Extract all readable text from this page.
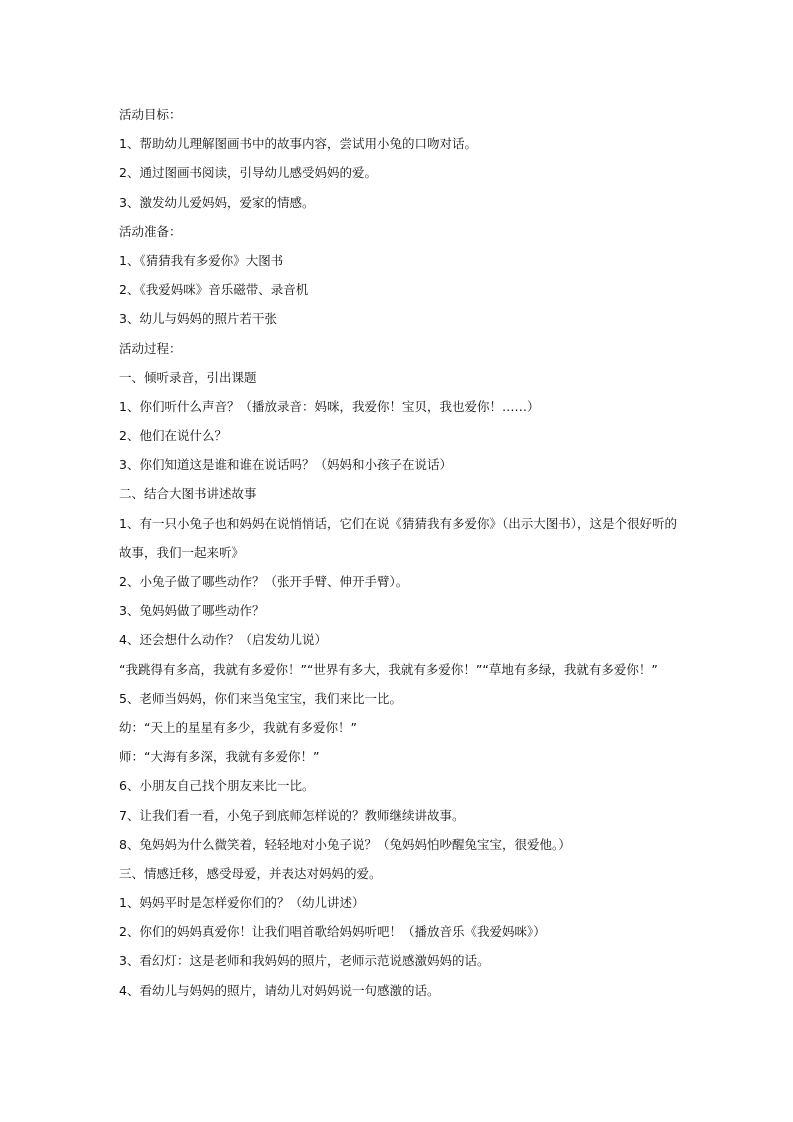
活动目标：
1、帮助幼儿理解图画书中的故事内容，尝试用小兔的口吻对话。
2、通过图画书阅读，引导幼儿感受妈妈的爱。
3、激发幼儿爱妈妈，爱家的情感。
活动准备：
1、《猜猜我有多爱你》大图书
2、《我爱妈咪》音乐磁带、录音机
3、幼儿与妈妈的照片若干张
活动过程：
一、倾听录音，引出课题
1、你们听什么声音？（播放录音：妈咪，我爱你！宝贝，我也爱你！……）
2、他们在说什么？
3、你们知道这是谁和谁在说话吗？（妈妈和小孩子在说话）
二、结合大图书讲述故事
1、有一只小兔子也和妈妈在说悄悄话，它们在说《猜猜我有多爱你》（出示大图书），这是个很好听的故事，我们一起来听》
2、小兔子做了哪些动作？（张开手臂、伸开手臂）。
3、兔妈妈做了哪些动作？
4、还会想什么动作？（启发幼儿说）
“我跳得有多高，我就有多爱你！”“世界有多大，我就有多爱你！”“草地有多绿，我就有多爱你！”
5、老师当妈妈，你们来当兔宝宝，我们来比一比。
幼：“天上的星星有多少，我就有多爱你！”
师：“大海有多深，我就有多爱你！”
6、小朋友自己找个朋友来比一比。
7、让我们看一看，小兔子到底师怎样说的？教师继续讲故事。
8、兔妈妈为什么微笑着，轻轻地对小兔子说？（兔妈妈怕吵醒兔宝宝，很爱他。）
三、情感迁移，感受母爱，并表达对妈妈的爱。
1、妈妈平时是怎样爱你们的？（幼儿讲述）
2、你们的妈妈真爱你！让我们唱首歌给妈妈听吧！（播放音乐《我爱妈咪》）
3、看幻灯：这是老师和我妈妈的照片，老师示范说感激妈妈的话。
4、看幼儿与妈妈的照片，请幼儿对妈妈说一句感激的话。
